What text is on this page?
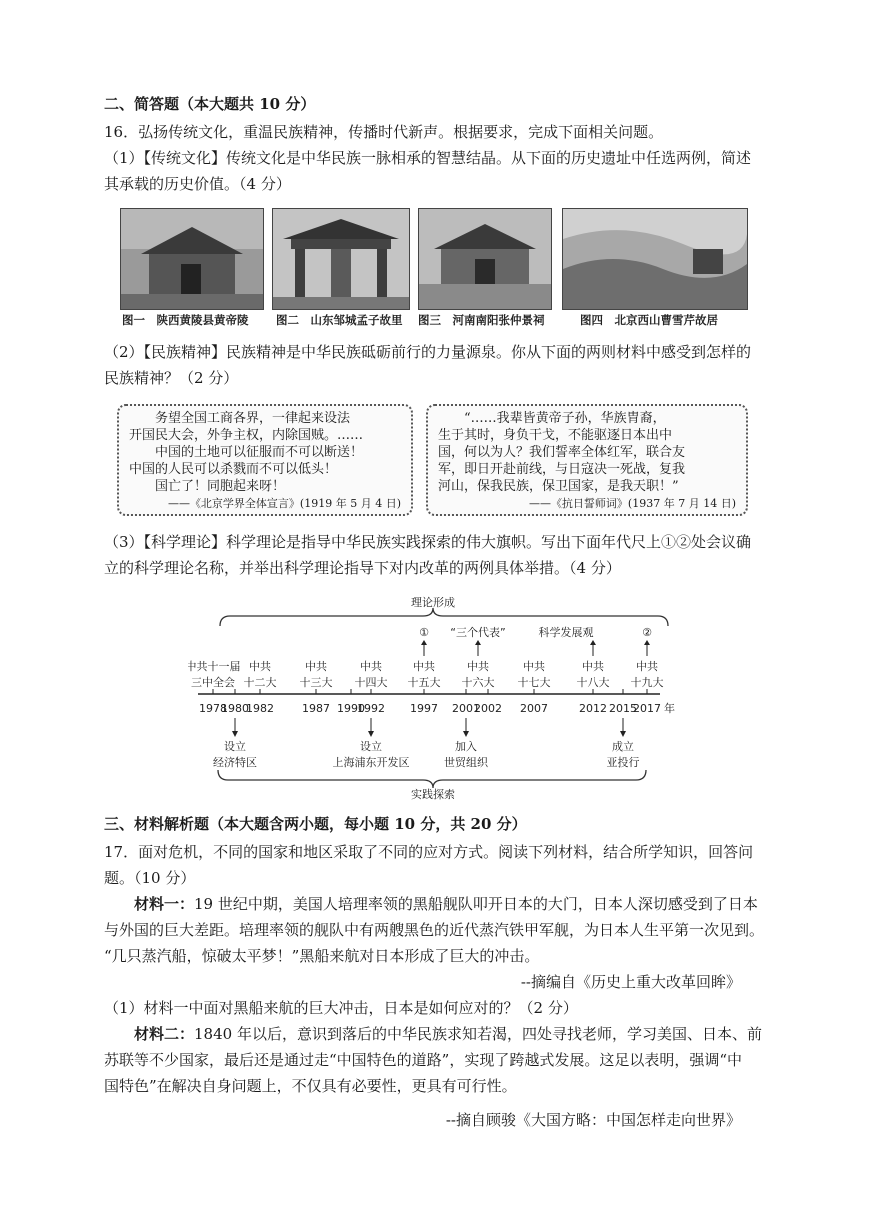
二、简答题（本大题共 10 分）
16．弘扬传统文化，重温民族精神，传播时代新声。根据要求，完成下面相关问题。
（1）【传统文化】传统文化是中华民族一脉相承的智慧结晶。从下面的历史遗址中任选两例，简述
其承载的历史价值。（4 分）
图一　陕西黄陵县黄帝陵 图二　山东邹城孟子故里 图三　河南南阳张仲景祠	图四　北京西山曹雪芹故居
（2）【民族精神】民族精神是中华民族砥砺前行的力量源泉。你从下面的两则材料中感受到怎样的
民族精神？（2 分）

务望全国工商各界，一律起来设法

开国民大会，外争主权，内除国贼。……

中国的土地可以征服而不可以断送！

中国的人民可以杀戮而不可以低头！

国亡了！同胞起来呀！

——《北京学界全体宣言》(1919 年 5 月 4 日)

“……我辈皆黄帝子孙，华族胄裔，

生于其时，身负干戈，不能驱逐日本出中

国，何以为人？我们誓率全体红军，联合友

军，即日开赴前线，与日寇决一死战，复我

河山，保我民族，保卫国家，是我天职！”

——《抗日誓师词》(1937 年 7 月 14 日)

（3）【科学理论】科学理论是指导中华民族实践探索的伟大旗帜。写出下面年代尺上①②处会议确
立的科学理论名称，并举出科学理论指导下对内改革的两例具体举措。（4 分）
理论形成
① “三个代表”	科学发展观	②
中共十一届
三中全会
中共
十二大
中共
十三大
中共
十四大
中共
十五大
中共
十六大
中共
十七大
中共
十八大
中共
十九大
1978
1980
1982	1987 1990
1992 1997 2001
2002 2007	2012 2015
2017 年
设立
经济特区
设立
上海浦东开发区
加入
世贸组织
成立
亚投行
实践探索
三、材料解析题（本大题含两小题，每小题 10 分，共 20 分）
17．面对危机，不同的国家和地区采取了不同的应对方式。阅读下列材料，结合所学知识，回答问
题。（10 分）
材料一：19 世纪中期，美国人培理率领的黑船舰队叩开日本的大门，日本人深切感受到了日本
与外国的巨大差距。培理率领的舰队中有两艘黑色的近代蒸汽铁甲军舰，为日本人生平第一次见到。
“几只蒸汽船，惊破太平梦！”黑船来航对日本形成了巨大的冲击。
--摘编自《历史上重大改革回眸》
（1）材料一中面对黑船来航的巨大冲击，日本是如何应对的？（2 分）
材料二：1840 年以后，意识到落后的中华民族求知若渴，四处寻找老师，学习美国、日本、前
苏联等不少国家，最后还是通过走“中国特色的道路”，实现了跨越式发展。这足以表明，强调“中
国特色”在解决自身问题上，不仅具有必要性，更具有可行性。
--摘自顾骏《大国方略：中国怎样走向世界》
